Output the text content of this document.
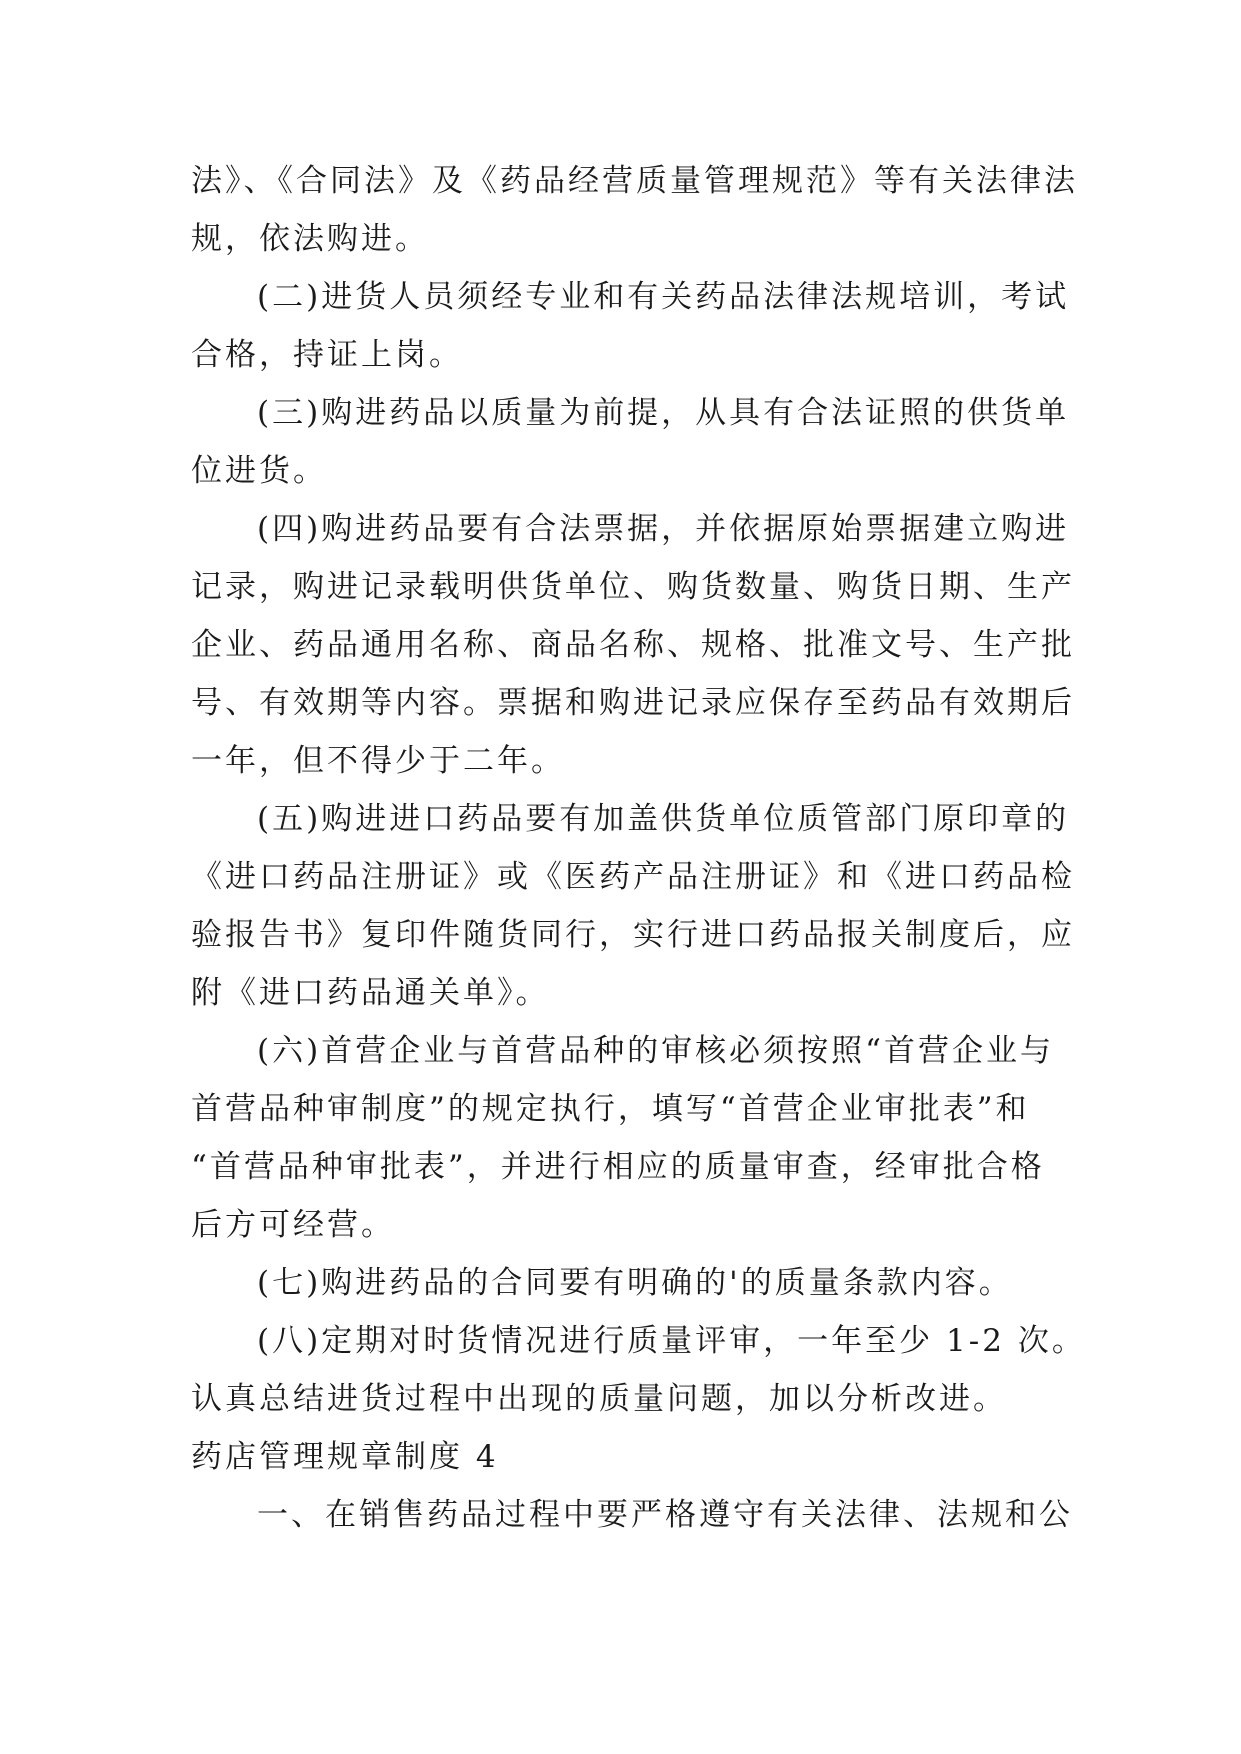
法》、《合同法》及《药品经营质量管理规范》等有关法律法
规，依法购进。
(二)进货人员须经专业和有关药品法律法规培训，考试
合格，持证上岗。
(三)购进药品以质量为前提，从具有合法证照的供货单
位进货。
(四)购进药品要有合法票据，并依据原始票据建立购进
记录，购进记录载明供货单位、购货数量、购货日期、生产
企业、药品通用名称、商品名称、规格、批准文号、生产批
号、有效期等内容。票据和购进记录应保存至药品有效期后
一年，但不得少于二年。
(五)购进进口药品要有加盖供货单位质管部门原印章的
《进口药品注册证》或《医药产品注册证》和《进口药品检
验报告书》复印件随货同行，实行进口药品报关制度后，应
附《进口药品通关单》。
(六)首营企业与首营品种的审核必须按照“首营企业与
首营品种审制度”的规定执行，填写“首营企业审批表”和
“首营品种审批表”，并进行相应的质量审查，经审批合格
后方可经营。
(七)购进药品的合同要有明确的'的质量条款内容。
(八)定期对时货情况进行质量评审，一年至少 1-2 次。
认真总结进货过程中出现的质量问题，加以分析改进。
药店管理规章制度 4
一、在销售药品过程中要严格遵守有关法律、法规和公
